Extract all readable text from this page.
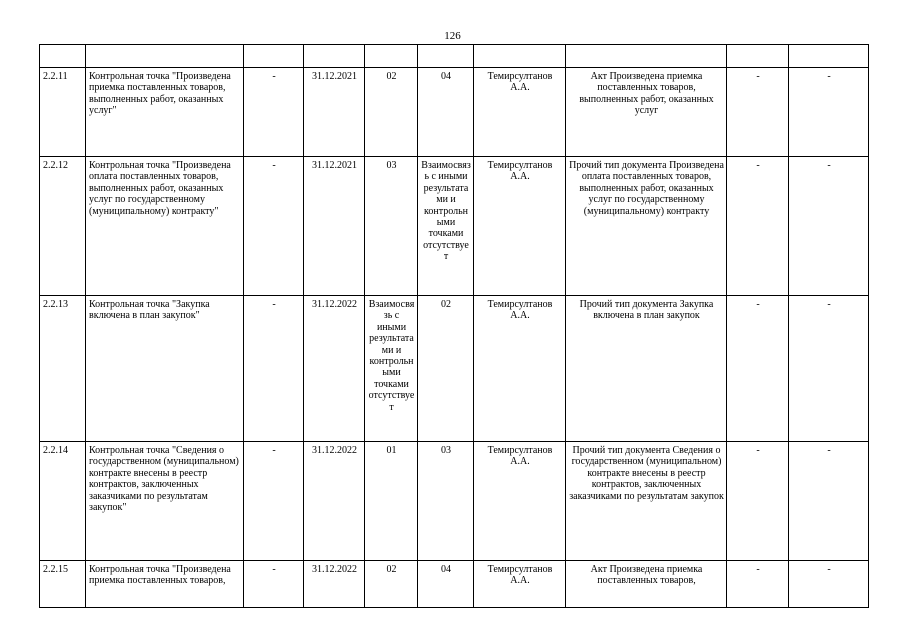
126

2.2.11	Контрольная точка "Произведена приемка поставленных товаров, выполненных работ, оказанных услуг"	-	31.12.2021	02	04	Темирсултанов А.А.	Акт Произведена приемка поставленных товаров, выполненных работ, оказанных услуг	-	-
2.2.12	Контрольная точка "Произведена оплата поставленных товаров, выполненных работ, оказанных услуг по государственному (муниципальному) контракту"	-	31.12.2021	03	Взаимосвязь с иными результатами и контрольными точками отсутствует	Темирсултанов А.А.	Прочий тип документа Произведена оплата поставленных товаров, выполненных работ, оказанных услуг по государственному (муниципальному) контракту	-	-
2.2.13	Контрольная точка "Закупка включена в план закупок"	-	31.12.2022	Взаимосвязь с иными результатами и контрольными точками отсутствует	02	Темирсултанов А.А.	Прочий тип документа Закупка включена в план закупок	-	-
2.2.14	Контрольная точка "Сведения о государственном (муниципальном) контракте внесены в реестр контрактов, заключенных заказчиками по результатам закупок"	-	31.12.2022	01	03	Темирсултанов А.А.	Прочий тип документа Сведения о государственном (муниципальном) контракте внесены в реестр контрактов, заключенных заказчиками по результатам закупок	-	-
2.2.15	Контрольная точка "Произведена приемка поставленных товаров,	-	31.12.2022	02	04	Темирсултанов А.А.	Акт Произведена приемка поставленных товаров,	-	-
